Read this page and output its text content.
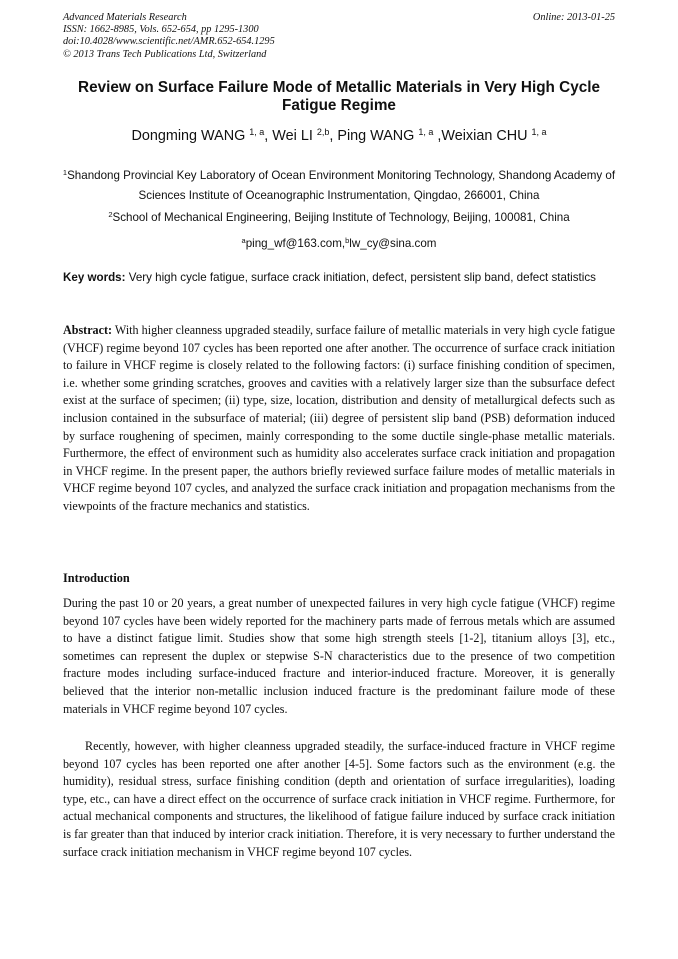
Advanced Materials Research
ISSN: 1662-8985, Vols. 652-654, pp 1295-1300
doi:10.4028/www.scientific.net/AMR.652-654.1295
© 2013 Trans Tech Publications Ltd, Switzerland
Online: 2013-01-25
Review on Surface Failure Mode of Metallic Materials in Very High Cycle Fatigue Regime
Dongming WANG $^{1, a}$, Wei LI $^{2,b}$, Ping WANG $^{1, a}$ ,Weixian CHU $^{1, a}$
$^1$Shandong Provincial Key Laboratory of Ocean Environment Monitoring Technology, Shandong Academy of Sciences Institute of Oceanographic Instrumentation, Qingdao, 266001, China
$^2$School of Mechanical Engineering, Beijing Institute of Technology, Beijing, 100081, China
$^a$ping_wf@163.com,$^b$lw_cy@sina.com
Key words: Very high cycle fatigue, surface crack initiation, defect, persistent slip band, defect statistics
Abstract: With higher cleanness upgraded steadily, surface failure of metallic materials in very high cycle fatigue (VHCF) regime beyond 107 cycles has been reported one after another. The occurrence of surface crack initiation to failure in VHCF regime is closely related to the following factors: (i) surface finishing condition of specimen, i.e. whether some grinding scratches, grooves and cavities with a relatively larger size than the subsurface defect exist at the surface of specimen; (ii) type, size, location, distribution and density of metallurgical defects such as inclusion contained in the subsurface of material; (iii) degree of persistent slip band (PSB) deformation induced by surface roughening of specimen, mainly corresponding to the some ductile single-phase metallic materials. Furthermore, the effect of environment such as humidity also accelerates surface crack initiation and propagation in VHCF regime. In the present paper, the authors briefly reviewed surface failure modes of metallic materials in VHCF regime beyond 107 cycles, and analyzed the surface crack initiation and propagation mechanisms from the viewpoints of the fracture mechanics and statistics.
Introduction
During the past 10 or 20 years, a great number of unexpected failures in very high cycle fatigue (VHCF) regime beyond 107 cycles have been widely reported for the machinery parts made of ferrous metals which are assumed to have a distinct fatigue limit. Studies show that some high strength steels [1-2], titanium alloys [3], etc., sometimes can represent the duplex or stepwise S-N characteristics due to the presence of two competition fracture modes including surface-induced fracture and interior-induced fracture. Moreover, it is generally believed that the interior non-metallic inclusion induced fracture is the predominant failure mode of these materials in VHCF regime beyond 107 cycles.
Recently, however, with higher cleanness upgraded steadily, the surface-induced fracture in VHCF regime beyond 107 cycles has been reported one after another [4-5]. Some factors such as the environment (e.g. the humidity), residual stress, surface finishing condition (depth and orientation of surface irregularities), loading type, etc., can have a direct effect on the occurrence of surface crack initiation in VHCF regime. Furthermore, for actual mechanical components and structures, the likelihood of fatigue failure induced by surface crack initiation is far greater than that induced by interior crack initiation. Therefore, it is very necessary to further understand the surface crack initiation mechanism in VHCF regime beyond 107 cycles.
